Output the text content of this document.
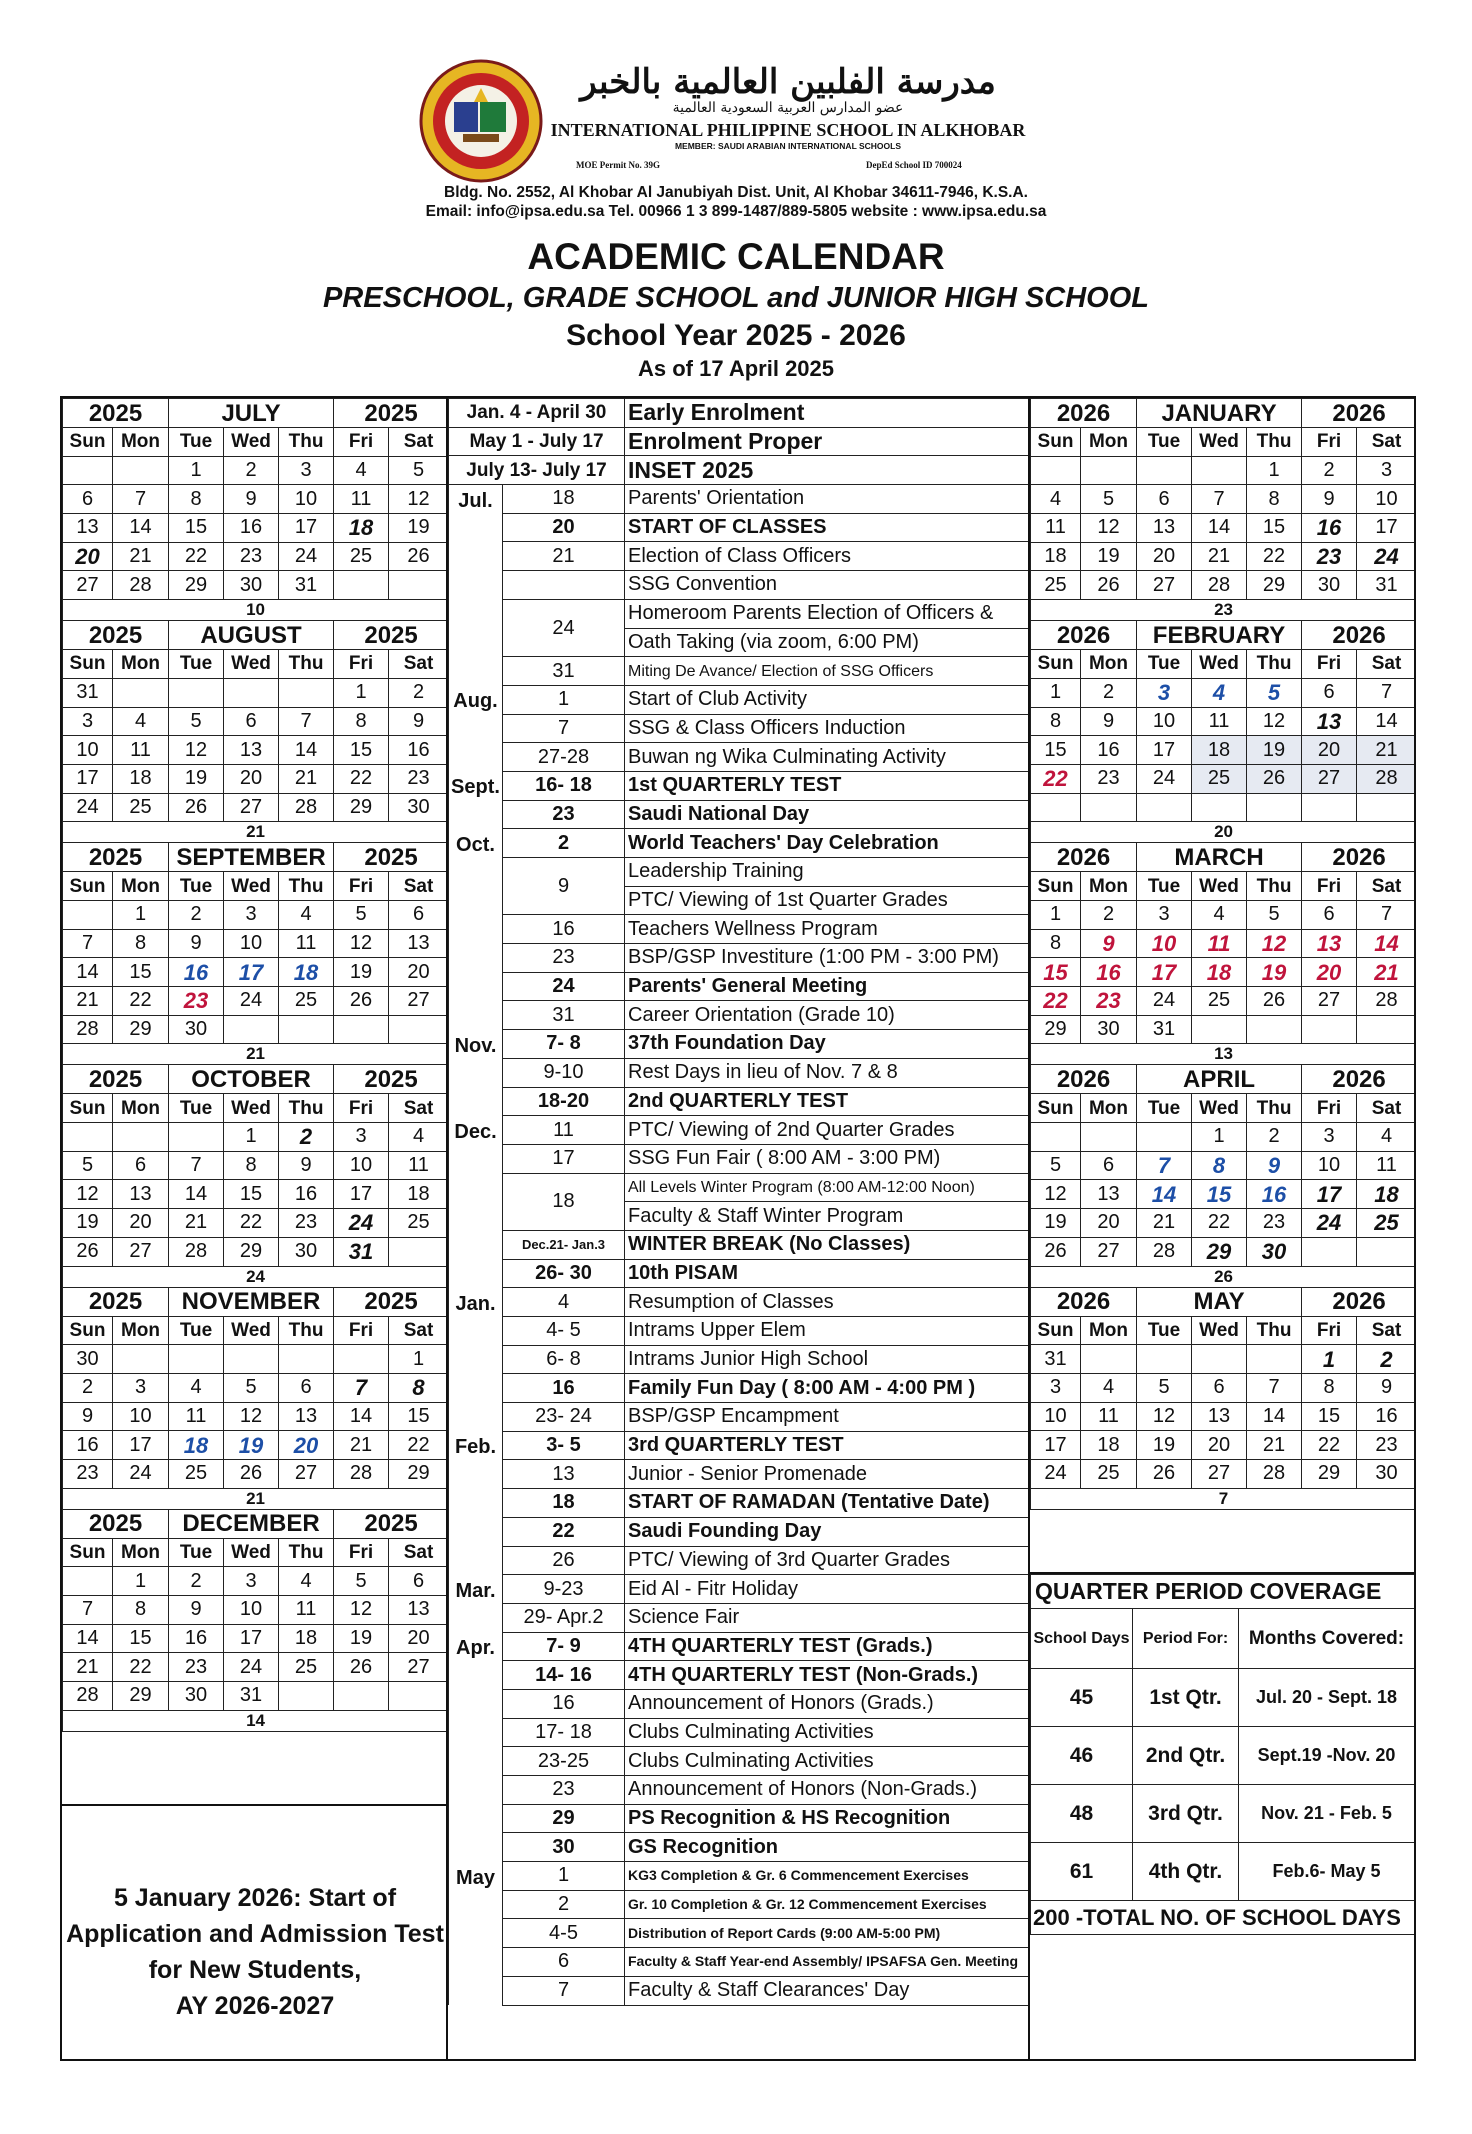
مدرسة الفلبين العالمية بالخبر
عضو المدارس العربية السعودية العالمية
INTERNATIONAL PHILIPPINE SCHOOL IN ALKHOBAR
MEMBER: SAUDI ARABIAN INTERNATIONAL SCHOOLS
MOE Permit No. 39G	DepEd School ID 700024
Bldg. No. 2552, Al Khobar Al Janubiyah Dist. Unit, Al Khobar 34611-7946, K.S.A.
Email: info@ipsa.edu.sa Tel. 00966 1 3 899-1487/889-5805 website : www.ipsa.edu.sa
ACADEMIC CALENDAR
PRESCHOOL, GRADE SCHOOL and JUNIOR HIGH SCHOOL
School Year 2025 - 2026
As of 17 April 2025
2025		JULY			2025	
Sun	Mon	Tue	Wed	Thu	Fri	Sat
		1	2	3	4	5
6	7	8	9	10	11	12
13	14	15	16	17	18	19
20	21	22	23	24	25	26
27	28	29	30	31		
10						
2025		AUGUST			2025	
Sun	Mon	Tue	Wed	Thu	Fri	Sat
31					1	2
3	4	5	6	7	8	9
10	11	12	13	14	15	16
17	18	19	20	21	22	23
24	25	26	27	28	29	30
21						
2025		SEPTEMBER			2025	
Sun	Mon	Tue	Wed	Thu	Fri	Sat
	1	2	3	4	5	6
7	8	9	10	11	12	13
14	15	16	17	18	19	20
21	22	23	24	25	26	27
28	29	30				
21						
2025		OCTOBER			2025	
Sun	Mon	Tue	Wed	Thu	Fri	Sat
			1	2	3	4
5	6	7	8	9	10	11
12	13	14	15	16	17	18
19	20	21	22	23	24	25
26	27	28	29	30	31	
24						
2025		NOVEMBER			2025	
Sun	Mon	Tue	Wed	Thu	Fri	Sat
30						1
2	3	4	5	6	7	8
9	10	11	12	13	14	15
16	17	18	19	20	21	22
23	24	25	26	27	28	29
21						
2025		DECEMBER			2025	
Sun	Mon	Tue	Wed	Thu	Fri	Sat
	1	2	3	4	5	6
7	8	9	10	11	12	13
14	15	16	17	18	19	20
21	22	23	24	25	26	27
28	29	30	31			
14						
Jan. 4 - April 30		Early Enrolment
May 1 - July 17		Enrolment Proper
July 13- July 17		INSET 2025
Jul.	18	Parents' Orientation
	20	START OF CLASSES
	21	Election of Class Officers
		SSG Convention
	24	Homeroom Parents Election of Officers &
		Oath Taking (via zoom, 6:00 PM)
	31	Miting De Avance/ Election of SSG Officers
Aug.	1	Start of Club Activity
	7	SSG & Class Officers Induction
	27-28	Buwan ng Wika Culminating Activity
Sept.	16- 18	1st QUARTERLY TEST
	23	Saudi National Day
Oct.	2	World Teachers' Day Celebration
	9	Leadership Training
		PTC/ Viewing of 1st Quarter Grades
	16	Teachers Wellness Program
	23	BSP/GSP Investiture (1:00 PM - 3:00 PM)
	24	Parents' General Meeting
	31	Career Orientation (Grade 10)
Nov.	7- 8	37th Foundation Day
	9-10	Rest Days in lieu of Nov. 7 & 8
	18-20	2nd QUARTERLY TEST
Dec.	11	PTC/ Viewing of 2nd Quarter Grades
	17	SSG Fun Fair ( 8:00 AM - 3:00 PM)
	18	All Levels Winter Program (8:00 AM-12:00 Noon)
		Faculty & Staff Winter Program
	Dec.21- Jan.3	WINTER BREAK (No Classes)
	26- 30	10th PISAM
Jan.	4	Resumption of Classes
	4- 5	Intrams Upper Elem
	6- 8	Intrams Junior High School
	16	Family Fun Day ( 8:00 AM - 4:00 PM )
	23- 24	BSP/GSP Encampment
Feb.	3- 5	3rd QUARTERLY TEST
	13	Junior - Senior Promenade
	18	START OF RAMADAN (Tentative Date)
	22	Saudi Founding Day
	26	PTC/ Viewing of 3rd Quarter Grades
Mar.	9-23	Eid Al - Fitr Holiday
	29- Apr.2	Science Fair
Apr.	7- 9	4TH QUARTERLY TEST (Grads.)
	14- 16	4TH QUARTERLY TEST (Non-Grads.)
	16	Announcement of Honors (Grads.)
	17- 18	Clubs Culminating Activities
	23-25	Clubs Culminating Activities
	23	Announcement of Honors (Non-Grads.)
	29	PS Recognition & HS Recognition
	30	GS Recognition
May	1	KG3 Completion & Gr. 6 Commencement Exercises
	2	Gr. 10 Completion & Gr. 12 Commencement Exercises
	4-5	Distribution of Report Cards (9:00 AM-5:00 PM)
	6	Faculty & Staff Year-end Assembly/ IPSAFSA Gen. Meeting
	7	Faculty & Staff Clearances' Day
2026		JANUARY			2026	
Sun	Mon	Tue	Wed	Thu	Fri	Sat
				1	2	3
4	5	6	7	8	9	10
11	12	13	14	15	16	17
18	19	20	21	22	23	24
25	26	27	28	29	30	31
23						
2026		FEBRUARY			2026	
Sun	Mon	Tue	Wed	Thu	Fri	Sat
1	2	3	4	5	6	7
8	9	10	11	12	13	14
15	16	17	18	19	20	21
22	23	24	25	26	27	28

20						
2026		MARCH			2026	
Sun	Mon	Tue	Wed	Thu	Fri	Sat
1	2	3	4	5	6	7
8	9	10	11	12	13	14
15	16	17	18	19	20	21
22	23	24	25	26	27	28
29	30	31				
13						
2026		APRIL			2026	
Sun	Mon	Tue	Wed	Thu	Fri	Sat
			1	2	3	4
5	6	7	8	9	10	11
12	13	14	15	16	17	18
19	20	21	22	23	24	25
26	27	28	29	30		
26						
2026		MAY			2026	
Sun	Mon	Tue	Wed	Thu	Fri	Sat
31					1	2
3	4	5	6	7	8	9
10	11	12	13	14	15	16
17	18	19	20	21	22	23
24	25	26	27	28	29	30
7						
QUARTER PERIOD COVERAGE		
School Days	Period For:	Months Covered:
45	1st Qtr.	Jul. 20 - Sept. 18
46	2nd Qtr.	Sept.19 -Nov. 20
48	3rd Qtr.	Nov. 21 - Feb. 5
61	4th Qtr.	Feb.6- May 5
200 -TOTAL NO. OF SCHOOL DAYS		
5 January 2026: Start of
Application and Admission Test
for New Students,
AY 2026-2027
